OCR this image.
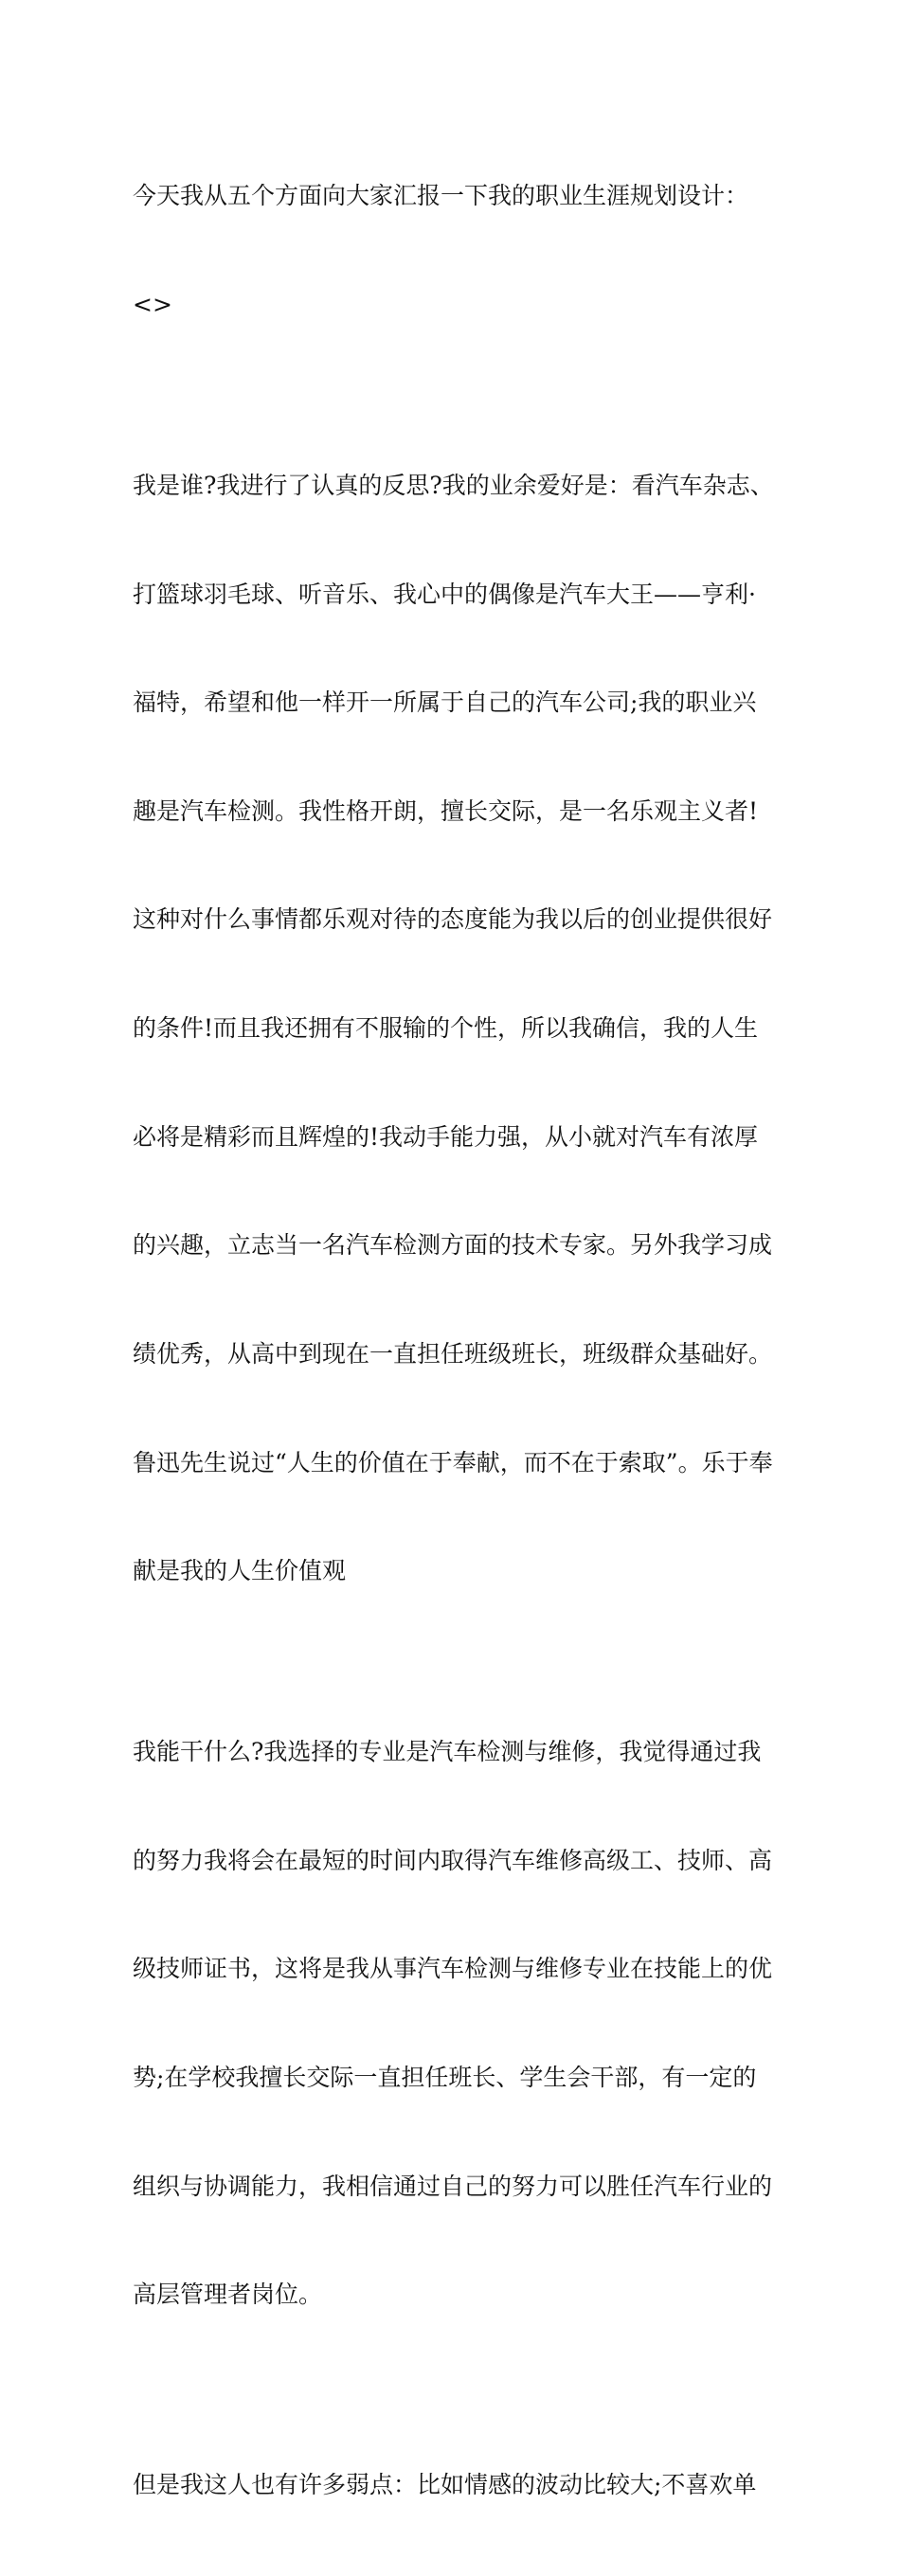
今天我从五个方面向大家汇报一下我的职业生涯规划设计：

<>

我是谁?我进行了认真的反思?我的业余爱好是：看汽车杂志、

打篮球羽毛球、听音乐、我心中的偶像是汽车大王——亨利·

福特，希望和他一样开一所属于自己的汽车公司;我的职业兴

趣是汽车检测。我性格开朗，擅长交际，是一名乐观主义者!

这种对什么事情都乐观对待的态度能为我以后的创业提供很好

的条件!而且我还拥有不服输的个性，所以我确信，我的人生

必将是精彩而且辉煌的!我动手能力强，从小就对汽车有浓厚

的兴趣，立志当一名汽车检测方面的技术专家。另外我学习成

绩优秀，从高中到现在一直担任班级班长，班级群众基础好。

鲁迅先生说过“人生的价值在于奉献，而不在于索取”。乐于奉

献是我的人生价值观

我能干什么?我选择的专业是汽车检测与维修，我觉得通过我

的努力我将会在最短的时间内取得汽车维修高级工、技师、高

级技师证书，这将是我从事汽车检测与维修专业在技能上的优

势;在学校我擅长交际一直担任班长、学生会干部，有一定的

组织与协调能力，我相信通过自己的努力可以胜任汽车行业的

高层管理者岗位。

但是我这人也有许多弱点：比如情感的波动比较大;不喜欢单
